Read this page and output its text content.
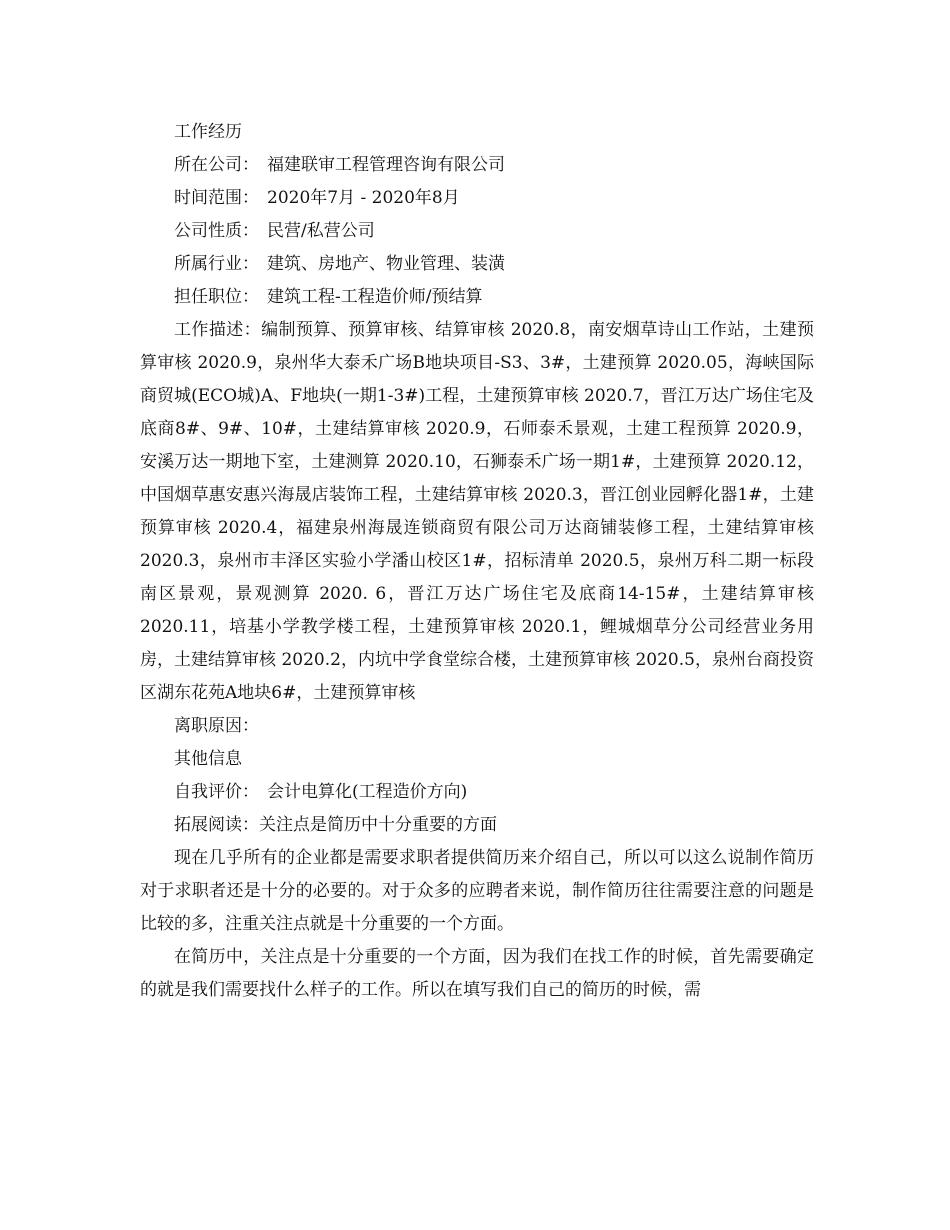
工作经历
所在公司： 福建联审工程管理咨询有限公司
时间范围： 2020年7月 - 2020年8月
公司性质： 民营/私营公司
所属行业： 建筑、房地产、物业管理、装潢
担任职位： 建筑工程-工程造价师/预结算

工作描述：编制预算、预算审核、结算审核 2020.8，南安烟草诗山工作站，土建预算审核 2020.9，泉州华大泰禾广场B地块项目-S3、3#，土建预算 2020.05，海峡国际商贸城(ECO城)A、F地块(一期1-3#)工程，土建预算审核 2020.7，晋江万达广场住宅及底商8#、9#、10#，土建结算审核 2020.9，石师泰禾景观，土建工程预算 2020.9，安溪万达一期地下室，土建测算 2020.10，石狮泰禾广场一期1#，土建预算 2020.12，中国烟草惠安惠兴海晟店装饰工程，土建结算审核 2020.3，晋江创业园孵化器1#，土建预算审核 2020.4，福建泉州海晟连锁商贸有限公司万达商铺装修工程，土建结算审核 2020.3，泉州市丰泽区实验小学潘山校区1#，招标清单 2020.5，泉州万科二期一标段南区景观，景观测算 2020. 6，晋江万达广场住宅及底商14-15#，土建结算审核 2020.11，培基小学教学楼工程，土建预算审核 2020.1，鲤城烟草分公司经营业务用房，土建结算审核 2020.2，内坑中学食堂综合楼，土建预算审核 2020.5，泉州台商投资区湖东花苑A地块6#，土建预算审核

离职原因：
其他信息
自我评价： 会计电算化(工程造价方向)
拓展阅读：关注点是简历中十分重要的方面

现在几乎所有的企业都是需要求职者提供简历来介绍自己，所以可以这么说制作简历对于求职者还是十分的必要的。对于众多的应聘者来说，制作简历往往需要注意的问题是比较的多，注重关注点就是十分重要的一个方面。

在简历中，关注点是十分重要的一个方面，因为我们在找工作的时候，首先需要确定的就是我们需要找什么样子的工作。所以在填写我们自己的简历的时候，需
